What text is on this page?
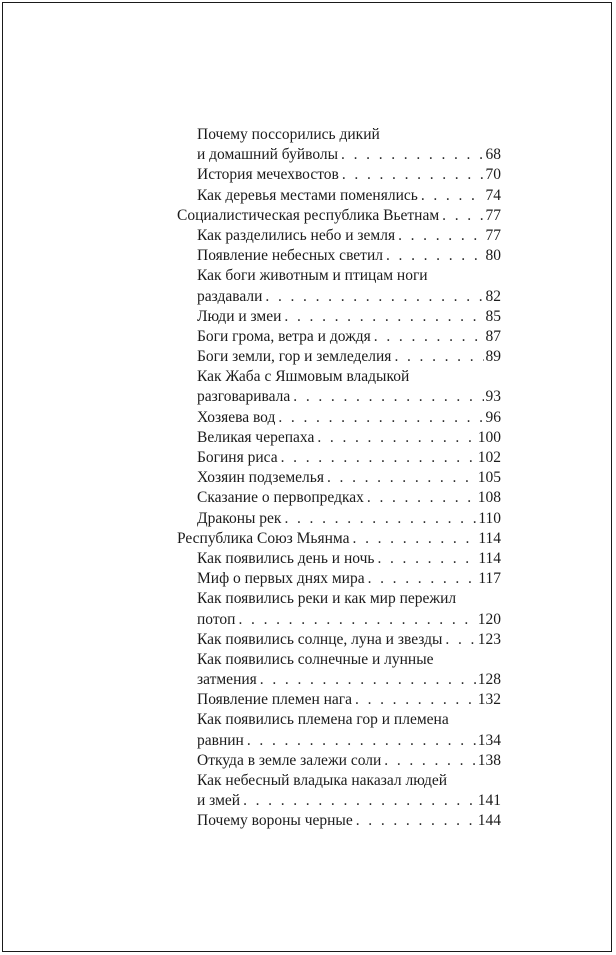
Почему поссорились дикий
и домашний буйволы . . .	68
История мечехвостов . . .	70
Как деревья местами поменялись . . .	74
Социалистическая республика Вьетнам . . .	77
Как разделились небо и земля . . .	77
Появление небесных светил . . .	80
Как боги животным и птицам ноги
раздавали . . .	82
Люди и змеи . . .	85
Боги грома, ветра и дождя . . .	87
Боги земли, гор и земледелия . . .	89
Как Жаба с Яшмовым владыкой
разговаривала . . .	93
Хозяева вод . . .	96
Великая черепаха . . .	100
Богиня риса . . .	102
Хозяин подземелья . . .	105
Сказание о первопредках . . .	108
Драконы рек . . .	110
Республика Союз Мьянма . . .	114
Как появились день и ночь . . .	114
Миф о первых днях мира . . .	117
Как появились реки и как мир пережил
потоп . . .	120
Как появились солнце, луна и звезды . . . 123
Как появились солнечные и лунные
затмения . . .	128
Появление племен нага . . .	132
Как появились племена гор и племена
равнин . . .	134
Откуда в земле залежи соли . . .	138
Как небесный владыка наказал людей
и змей . . .	141
Почему вороны черные . . .	144
